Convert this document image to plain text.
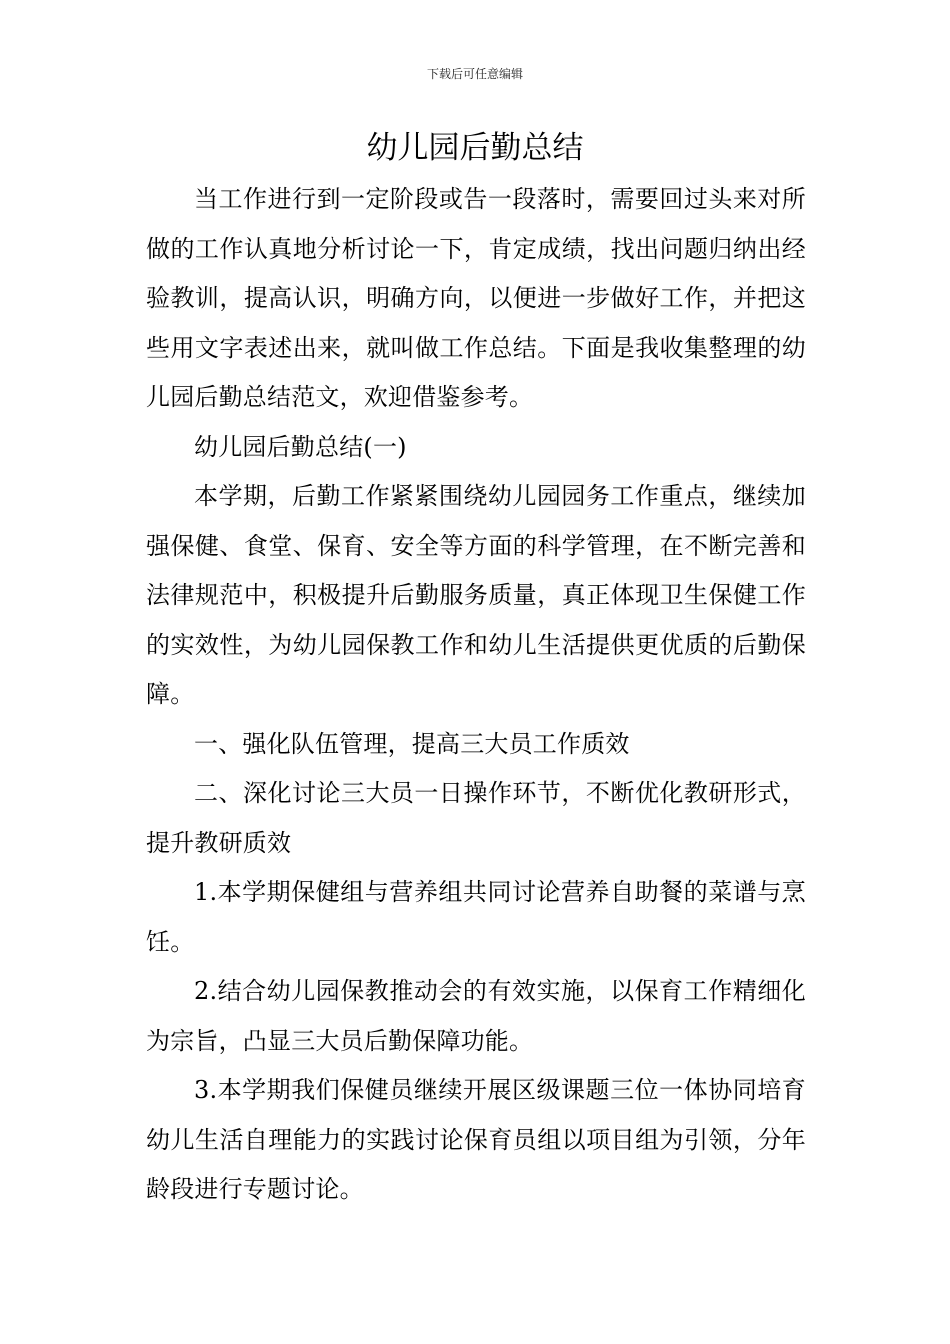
下载后可任意编辑
幼儿园后勤总结

当工作进行到一定阶段或告一段落时，需要回过头来对所做的工作认真地分析讨论一下，肯定成绩，找出问题归纳出经验教训，提高认识，明确方向，以便进一步做好工作，并把这些用文字表述出来，就叫做工作总结。下面是我收集整理的幼儿园后勤总结范文，欢迎借鉴参考。

幼儿园后勤总结(一)

本学期，后勤工作紧紧围绕幼儿园园务工作重点，继续加强保健、食堂、保育、安全等方面的科学管理，在不断完善和法律规范中，积极提升后勤服务质量，真正体现卫生保健工作的实效性，为幼儿园保教工作和幼儿生活提供更优质的后勤保障。

一、强化队伍管理，提高三大员工作质效

二、深化讨论三大员一日操作环节，不断优化教研形式，提升教研质效

1.本学期保健组与营养组共同讨论营养自助餐的菜谱与烹饪。

2.结合幼儿园保教推动会的有效实施，以保育工作精细化为宗旨，凸显三大员后勤保障功能。

3.本学期我们保健员继续开展区级课题三位一体协同培育幼儿生活自理能力的实践讨论保育员组以项目组为引领，分年龄段进行专题讨论。
